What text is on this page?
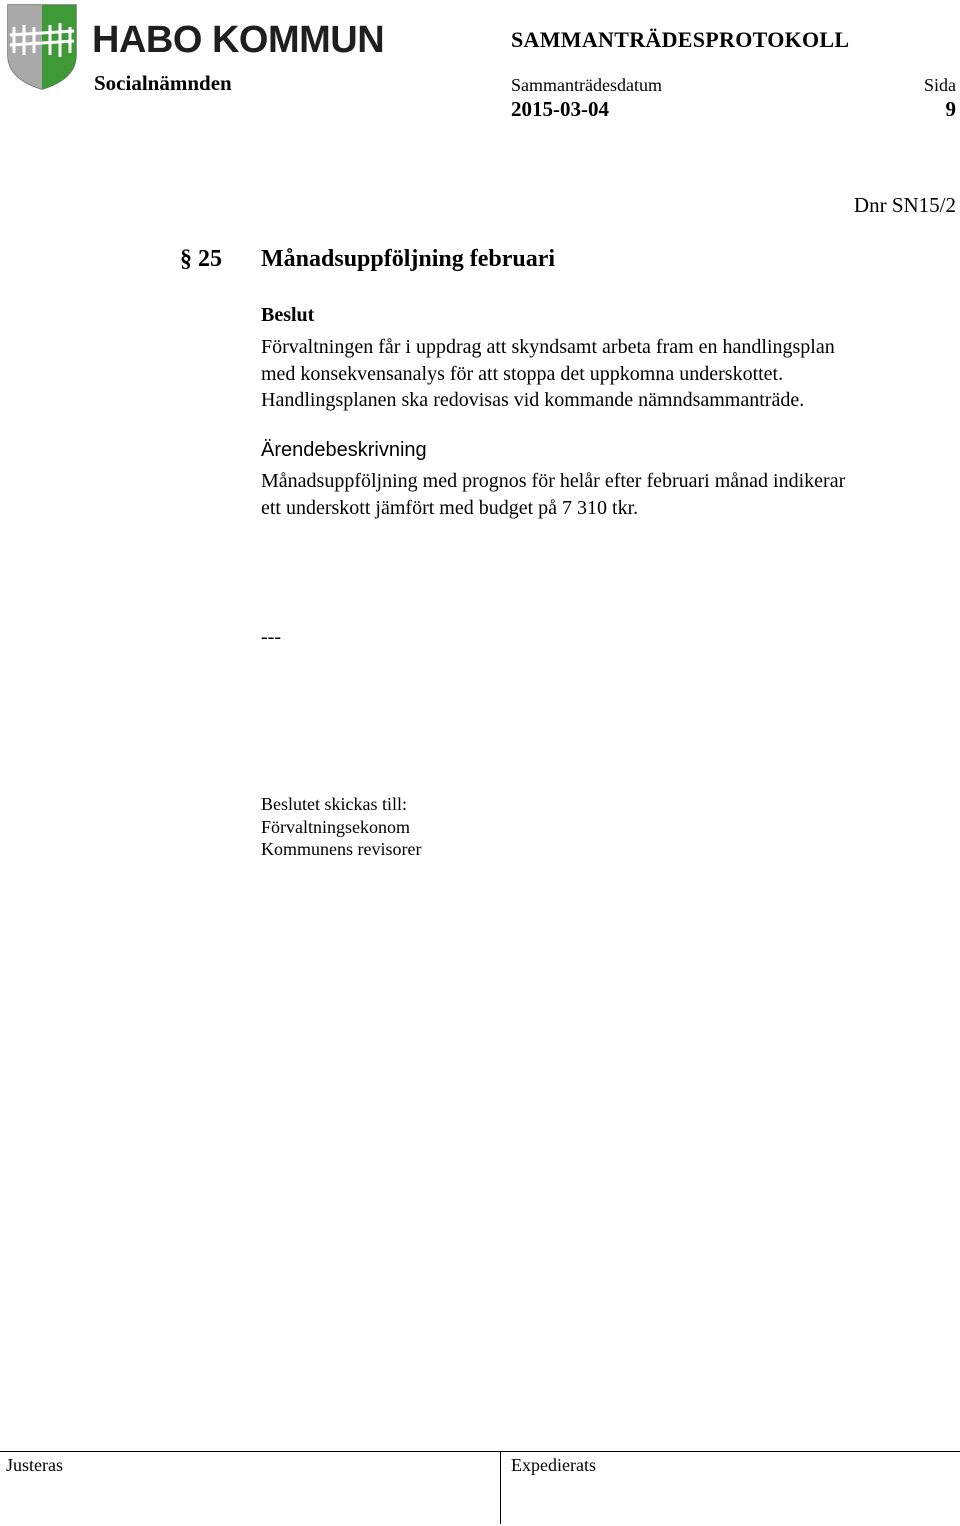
HABO KOMMUN
Socialnämnden
SAMMANTRÄDESPROTOKOLL
Sammanträdesdatum	Sida
2015-03-04	9
Dnr SN15/2
§ 25 Månadsuppföljning februari
Beslut
Förvaltningen får i uppdrag att skyndsamt arbeta fram en handlingsplan
med konsekvensanalys för att stoppa det uppkomna underskottet.
Handlingsplanen ska redovisas vid kommande nämndsammanträde.
Ärendebeskrivning
Månadsuppföljning med prognos för helår efter februari månad indikerar
ett underskott jämfört med budget på 7 310 tkr.
---
Beslutet skickas till:
Förvaltningsekonom
Kommunens revisorer
Justeras	Expedierats
